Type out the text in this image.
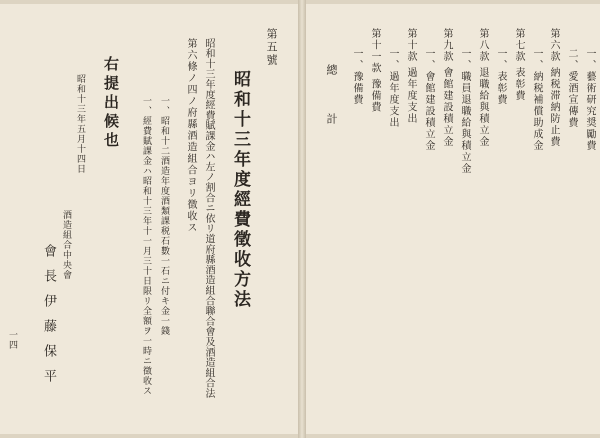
第五號
昭和十三年度經費徵收方法
昭和十三年度經費賦課金ハ左ノ割合ニ依リ道府縣酒造組合聯合會及酒造組合法
第六條ノ四ノ府縣酒造組合ヨリ徴收ス
一、昭和十二酒造年度酒類課税石數一石ニ付キ金一錢
一、經費賦課金ハ昭和十三年十一月三十日限リ全額ヲ一時ニ徴收ス
右提出候也
昭和十三年五月十四日
酒造組合中央會
會長伊藤保平
一四
一、藝術研究奨勵費
二、愛酒宣傳費
第六款 納税滞納防止費
一、納税補償助成金
第七款 表彰費
一、表彰費
第八款 退職給與積立金
一、職員退職給與積立金
第九款 會館建設積立金
一、會館建設積立金
第十款 過年度支出
一、過年度支出
第十一款 豫備費
一、豫備費
總計
